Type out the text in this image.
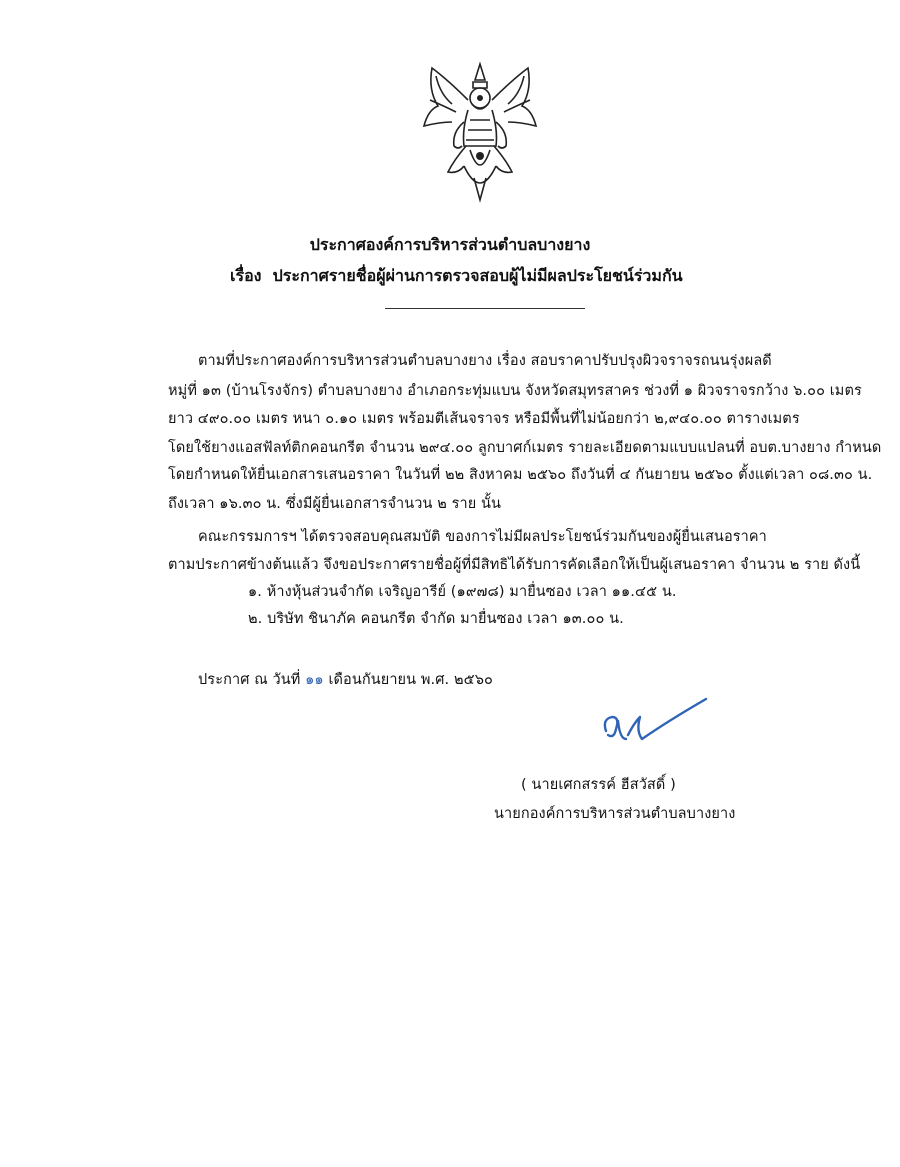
ประกาศองค์การบริหารส่วนตำบลบางยาง
เรื่อง ประกาศรายชื่อผู้ผ่านการตรวจสอบผู้ไม่มีผลประโยชน์ร่วมกัน
ตามที่ประกาศองค์การบริหารส่วนตำบลบางยาง เรื่อง สอบราคาปรับปรุงผิวจราจรถนนรุ่งผลดี
หมู่ที่ ๑๓ (บ้านโรงจักร) ตำบลบางยาง อำเภอกระทุ่มแบน จังหวัดสมุทรสาคร ช่วงที่ ๑ ผิวจราจรกว้าง ๖.๐๐ เมตร
ยาว ๔๙๐.๐๐ เมตร หนา ๐.๑๐ เมตร พร้อมตีเส้นจราจร หรือมีพื้นที่ไม่น้อยกว่า ๒,๙๔๐.๐๐ ตารางเมตร
โดยใช้ยางแอสฟัลท์ติกคอนกรีต จำนวน ๒๙๔.๐๐ ลูกบาศก์เมตร รายละเอียดตามแบบแปลนที่ อบต.บางยาง กำหนด
โดยกำหนดให้ยื่นเอกสารเสนอราคา ในวันที่ ๒๒ สิงหาคม ๒๕๖๐ ถึงวันที่ ๔ กันยายน ๒๕๖๐ ตั้งแต่เวลา ๐๘.๓๐ น.
ถึงเวลา ๑๖.๓๐ น. ซึ่งมีผู้ยื่นเอกสารจำนวน ๒ ราย นั้น
คณะกรรมการฯ ได้ตรวจสอบคุณสมบัติ ของการไม่มีผลประโยชน์ร่วมกันของผู้ยื่นเสนอราคา
ตามประกาศข้างต้นแล้ว จึงขอประกาศรายชื่อผู้ที่มีสิทธิได้รับการคัดเลือกให้เป็นผู้เสนอราคา จำนวน ๒ ราย ดังนี้
๑. ห้างหุ้นส่วนจำกัด เจริญอารีย์ (๑๙๗๘) มายื่นซอง เวลา ๑๑.๔๕ น.
๒. บริษัท ชินาภัค คอนกรีต จำกัด มายื่นซอง เวลา ๑๓.๐๐ น.
ประกาศ ณ วันที่ ๑๑ เดือนกันยายน พ.ศ. ๒๕๖๐
( นายเศกสรรค์ ฮีสวัสดิ์ )
นายกองค์การบริหารส่วนตำบลบางยาง
